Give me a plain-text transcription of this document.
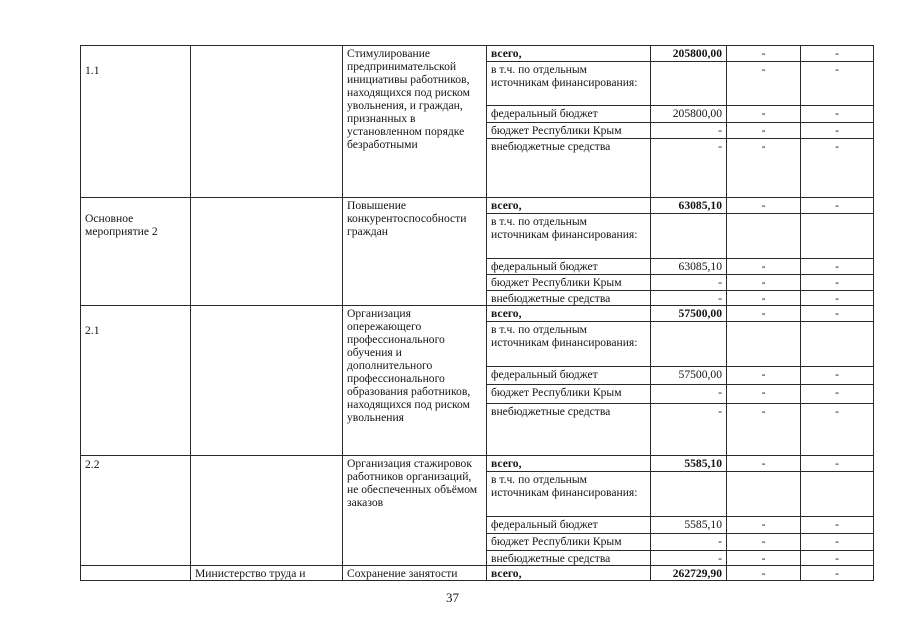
1.1		Стимулирование предпринимательской инициативы работников, находящихся под риском увольнения, и граждан, признанных в установленном порядке безработными	всего,	205800,00	-	-
			в т.ч. по отдельным источникам финансирования:		-	-
			федеральный бюджет	205800,00	-	-
			бюджет Республики Крым	-	-	-
			внебюджетные средства	-	-	-
Основное мероприятие 2		Повышение конкурентоспособности граждан	всего,	63085,10	-	-
			в т.ч. по отдельным источникам финансирования:			
			федеральный бюджет	63085,10	-	-
			бюджет Республики Крым	-	-	-
			внебюджетные средства	-	-	-
2.1		Организация опережающего профессионального обучения и дополнительного профессионального образования работников, находящихся под риском увольнения	всего,	57500,00	-	-
			в т.ч. по отдельным источникам финансирования:			
			федеральный бюджет	57500,00	-	-
			бюджет Республики Крым	-	-	-
			внебюджетные средства	-	-	-
2.2		Организация стажировок работников организаций, не обеспеченных объёмом заказов	всего,	5585,10	-	-
			в т.ч. по отдельным источникам финансирования:			
			федеральный бюджет	5585,10	-	-
			бюджет Республики Крым	-	-	-
			внебюджетные средства	-	-	-
	Министерство труда и	Сохранение занятости	всего,	262729,90	-	-
37
